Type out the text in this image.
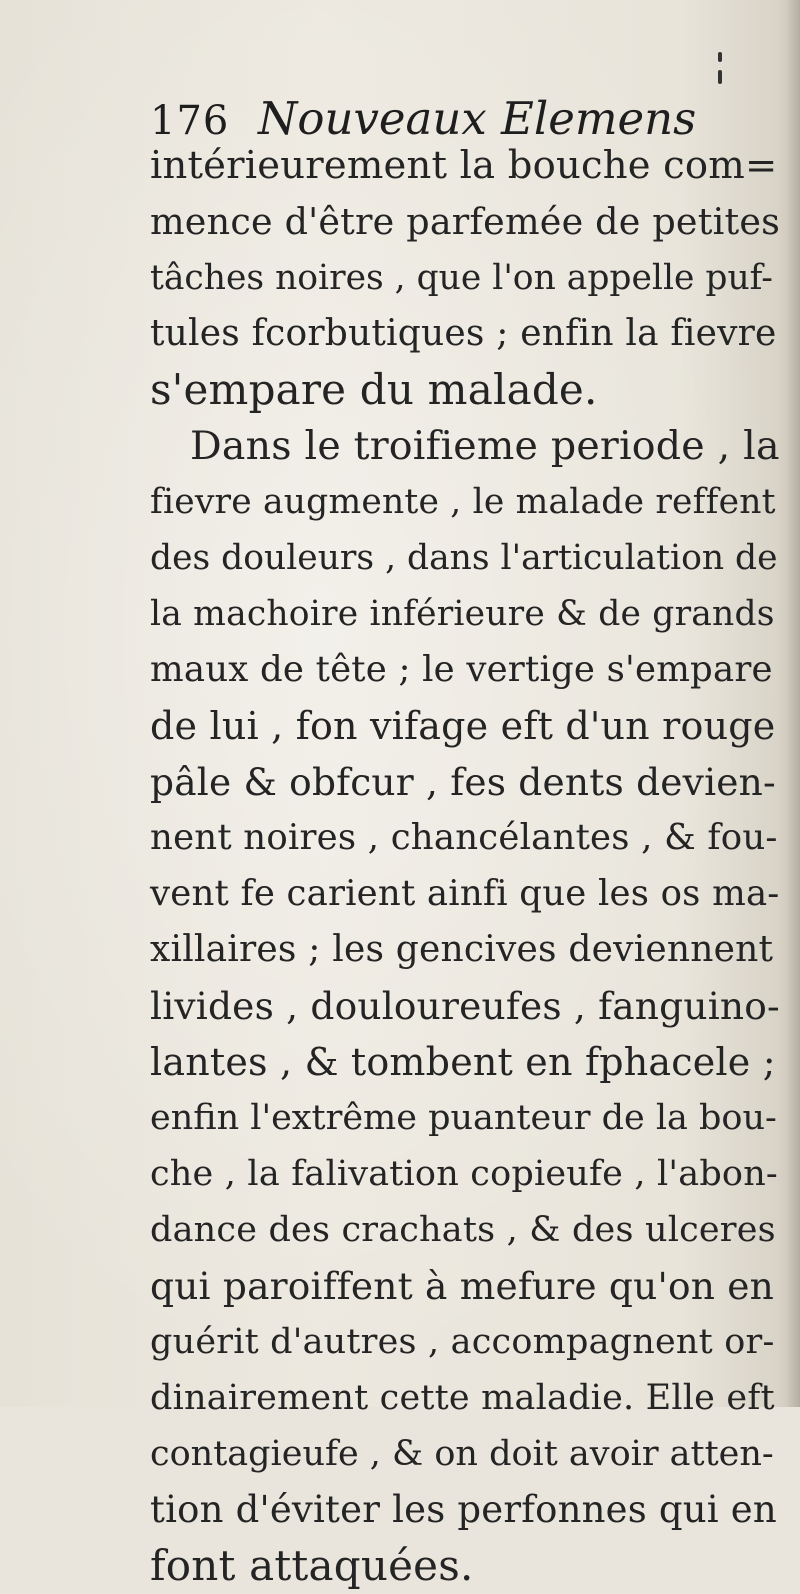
176 Nouveaux Elemens
intérieurement la bouche com=
mence d'être parfemée de petites
tâches noires , que l'on appelle puf-
tules fcorbutiques ; enfin la fievre
s'empare du malade.
Dans le troifieme periode , la
fievre augmente , le malade reffent
des douleurs , dans l'articulation de
la machoire inférieure & de grands
maux de tête ; le vertige s'empare
de lui , fon vifage eft d'un rouge
pâle & obfcur , fes dents devien-
nent noires , chancélantes , & fou-
vent fe carient ainfi que les os ma-
xillaires ; les gencives deviennent
livides , douloureufes , fanguino-
lantes , & tombent en fphacele ;
enfin l'extrême puanteur de la bou-
che , la falivation copieufe , l'abon-
dance des crachats , & des ulceres
qui paroiffent à mefure qu'on en
guérit d'autres , accompagnent or-
dinairement cette maladie. Elle eft
contagieufe , & on doit avoir atten-
tion d'éviter les perfonnes qui en
font attaquées.
